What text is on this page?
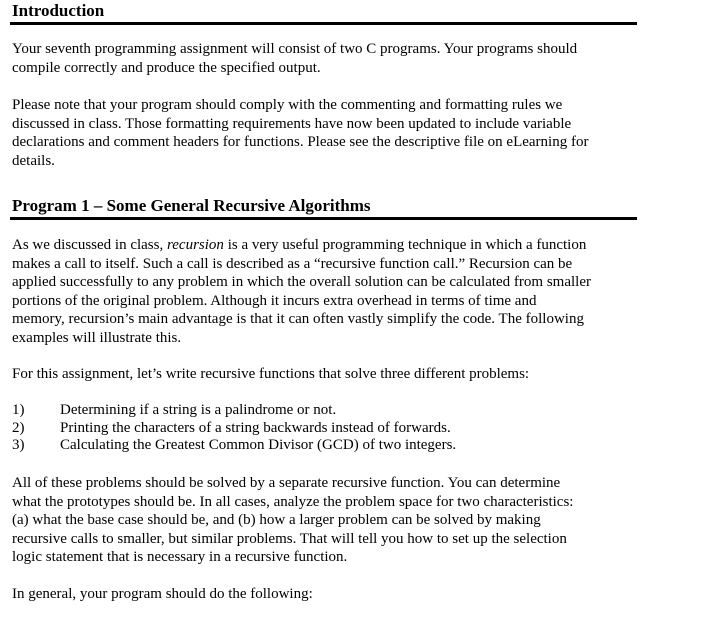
Introduction
Your seventh programming assignment will consist of two C programs. Your programs should
compile correctly and produce the specified output.
Please note that your program should comply with the commenting and formatting rules we
discussed in class. Those formatting requirements have now been updated to include variable
declarations and comment headers for functions. Please see the descriptive file on eLearning for
details.
Program 1 – Some General Recursive Algorithms
As we discussed in class, recursion is a very useful programming technique in which a function
makes a call to itself. Such a call is described as a “recursive function call.” Recursion can be
applied successfully to any problem in which the overall solution can be calculated from smaller
portions of the original problem. Although it incurs extra overhead in terms of time and
memory, recursion’s main advantage is that it can often vastly simplify the code. The following
examples will illustrate this.
For this assignment, let’s write recursive functions that solve three different problems:
1) Determining if a string is a palindrome or not.
2) Printing the characters of a string backwards instead of forwards.
3) Calculating the Greatest Common Divisor (GCD) of two integers.
All of these problems should be solved by a separate recursive function. You can determine
what the prototypes should be. In all cases, analyze the problem space for two characteristics:
(a) what the base case should be, and (b) how a larger problem can be solved by making
recursive calls to smaller, but similar problems. That will tell you how to set up the selection
logic statement that is necessary in a recursive function.
In general, your program should do the following:
